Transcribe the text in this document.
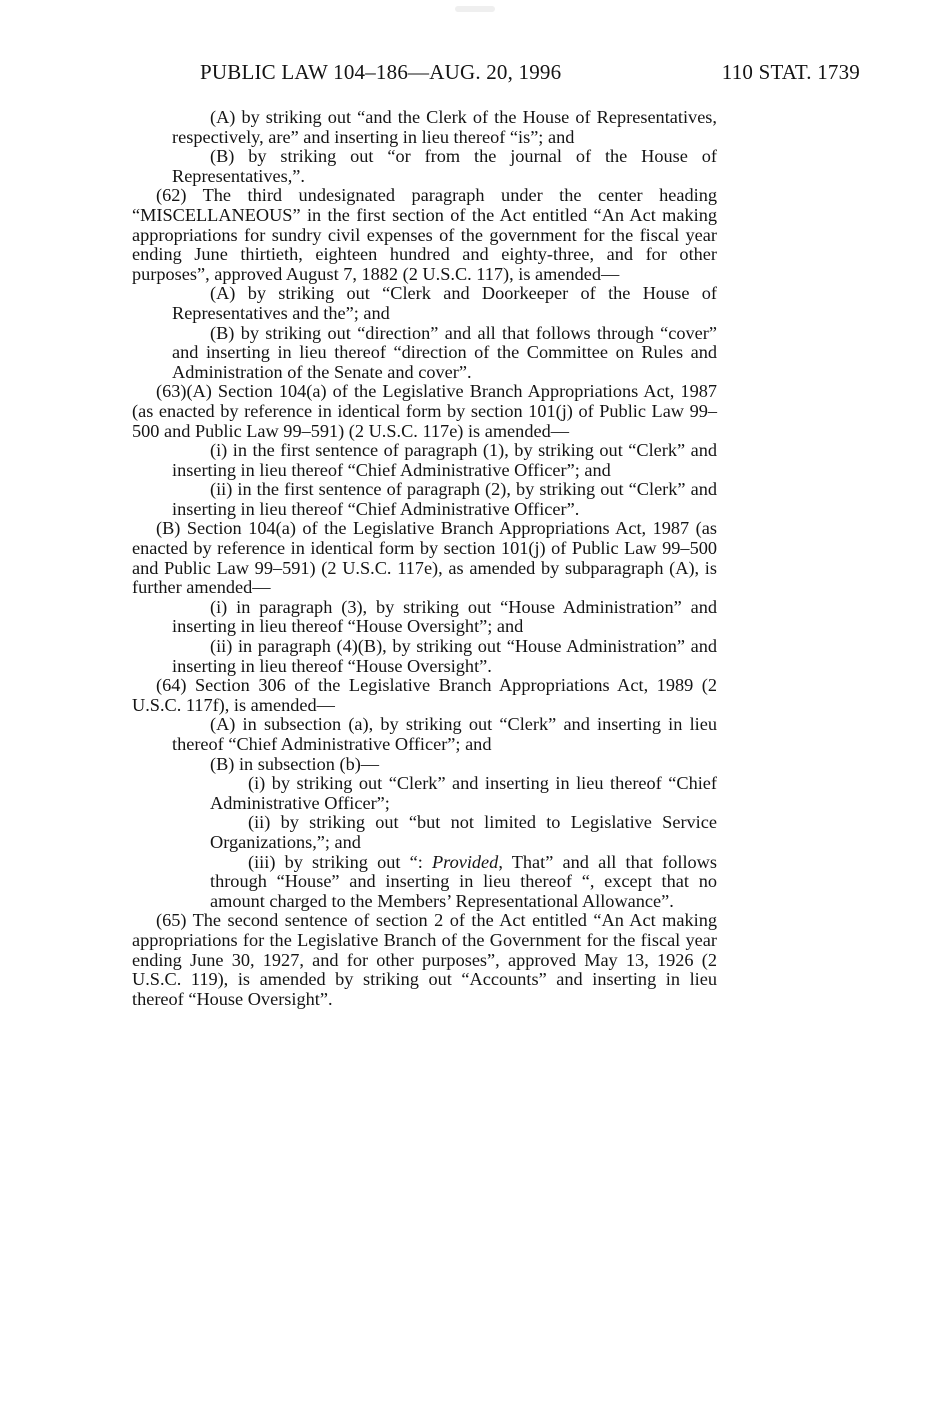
PUBLIC LAW 104–186—AUG. 20, 1996	110 STAT. 1739

(A) by striking out “and the Clerk of the House of Representatives, respectively, are” and inserting in lieu thereof “is”; and

(B) by striking out “or from the journal of the House of Representatives,”.

(62) The third undesignated paragraph under the center heading “MISCELLANEOUS” in the first section of the Act entitled “An Act making appropriations for sundry civil expenses of the government for the fiscal year ending June thirtieth, eighteen hundred and eighty-three, and for other purposes”, approved August 7, 1882 (2 U.S.C. 117), is amended—

(A) by striking out “Clerk and Doorkeeper of the House of Representatives and the”; and

(B) by striking out “direction” and all that follows through “cover” and inserting in lieu thereof “direction of the Committee on Rules and Administration of the Senate and cover”.

(63)(A) Section 104(a) of the Legislative Branch Appropriations Act, 1987 (as enacted by reference in identical form by section 101(j) of Public Law 99–500 and Public Law 99–591) (2 U.S.C. 117e) is amended—

(i) in the first sentence of paragraph (1), by striking out “Clerk” and inserting in lieu thereof “Chief Administrative Officer”; and

(ii) in the first sentence of paragraph (2), by striking out “Clerk” and inserting in lieu thereof “Chief Administrative Officer”.

(B) Section 104(a) of the Legislative Branch Appropriations Act, 1987 (as enacted by reference in identical form by section 101(j) of Public Law 99–500 and Public Law 99–591) (2 U.S.C. 117e), as amended by subparagraph (A), is further amended—

(i) in paragraph (3), by striking out “House Administration” and inserting in lieu thereof “House Oversight”; and

(ii) in paragraph (4)(B), by striking out “House Administration” and inserting in lieu thereof “House Oversight”.

(64) Section 306 of the Legislative Branch Appropriations Act, 1989 (2 U.S.C. 117f), is amended—

(A) in subsection (a), by striking out “Clerk” and inserting in lieu thereof “Chief Administrative Officer”; and

(B) in subsection (b)—

(i) by striking out “Clerk” and inserting in lieu thereof “Chief Administrative Officer”;

(ii) by striking out “but not limited to Legislative Service Organizations,”; and

(iii) by striking out “: Provided, That” and all that follows through “House” and inserting in lieu thereof “, except that no amount charged to the Members’ Representational Allowance”.

(65) The second sentence of section 2 of the Act entitled “An Act making appropriations for the Legislative Branch of the Government for the fiscal year ending June 30, 1927, and for other purposes”, approved May 13, 1926 (2 U.S.C. 119), is amended by striking out “Accounts” and inserting in lieu thereof “House Oversight”.
